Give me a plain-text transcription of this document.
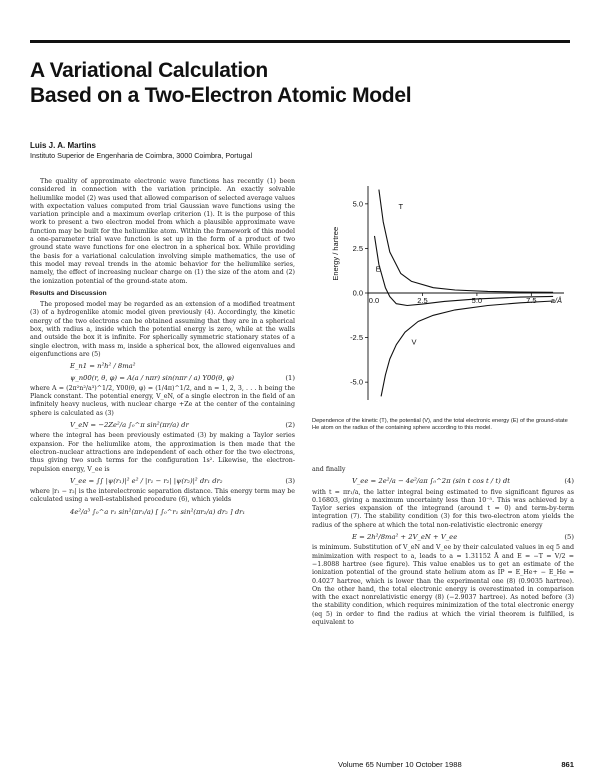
A Variational Calculation
Based on a Two-Electron Atomic Model
Luis J. A. Martins
Instituto Superior de Engenharia de Coimbra, 3000 Coimbra, Portugal

The quality of approximate electronic wave functions has recently (1) been considered in connection with the variation principle. An exactly solvable heliumlike model (2) was used that allowed comparison of selected average values with expectation values computed from trial Gaussian wave functions using the variation principle and a maximum overlap criterion (1). It is the purpose of this work to present a two electron model from which a plausible approximate wave function may be built for the heliumlike atom. Within the framework of this model a one-parameter trial wave function is set up in the form of a product of two ground state wave functions for one electron in a spherical box. While providing the basis for a variational calculation involving simple mathematics, the use of this model may reveal trends in the atomic behavior for the heliumlike series, namely, the effect of increasing nuclear charge on (1) the size of the atom and (2) the ionization potential of the ground-state atom.

Results and Discussion

The proposed model may be regarded as an extension of a modified treatment (3) of a hydrogenlike atomic model given previously (4). Accordingly, the kinetic energy of the two electrons can be obtained assuming that they are in a spherical box, with radius a, inside which the potential energy is zero, while at the walls and outside the box it is infinite. For spherically symmetric stationary states of a single electron, with mass m, inside a spherical box, the allowed eigenvalues and eigenfunctions are (5)

E_n1 = n²h² / 8ma²
ψ_n00(r, θ, φ) = A(a / nπr) sin(nπr / a) Y00(θ, φ)	(1)

where A = (2π²n²/a³)^1/2, Y00(θ, φ) = (1/4π)^1/2, and n = 1, 2, 3, . . . h being the Planck constant. The potential energy, V_eN, of a single electron in the field of an infinitely heavy nucleus, with nuclear charge +Ze at the center of the containing sphere is calculated as (3)

V_eN = −2Ze²/a ∫₀^π sin²(πr/a) dr	(2)

where the integral has been previously estimated (3) by making a Taylor series expansion. For the heliumlike atom, the approximation is then made that the electron–nuclear attractions are independent of each other for the two electrons, thus giving two such terms for the configuration 1s². Likewise, the electron-repulsion energy, V_ee is

V_ee = ∫∫ |ψ(r₁)|² e² / |r₁ − r₂| |ψ(r₂)|² dr₁ dr₂	(3)

where |r₁ − r₂| is the interelectronic separation distance. This energy term may be calculated using a well-established procedure (6), which yields

4e²/a³ ∫₀^a r₁ sin²(πr₁/a) [ ∫₀^r₁ sin²(πr₂/a) dr₂ ] dr₁
5.0
2.5
0.0
-2.5
-5.0
0.0	2.5	5.0	7.5 a/Å
Energy / hartree
T
E
V
Dependence of the kinetic (T), the potential (V), and the total electronic energy (E) of the ground-state He atom on the radius of the containing sphere according to this model.

and finally

V_ee = 2e²/a − 4e²/aπ ∫₀^2π (sin t cos t / t) dt	(4)

with t = πr₁/a, the latter integral being estimated to five significant figures as 0.16803, giving a maximum uncertainty less than 10⁻⁵. This was achieved by a Taylor series expansion of the integrand (around t = 0) and term-by-term integration (7). The stability condition (3) for this two-electron atom yields the radius of the sphere at which the total non-relativistic electronic energy

E = 2h²/8ma² + 2V_eN + V_ee	(5)

is minimum. Substitution of V_eN and V_ee by their calculated values in eq 5 and minimization with respect to a, leads to a = 1.31152 Å and E = −T = V/2 = −1.8088 hartree (see figure). This value enables us to get an estimate of the ionization potential of the ground state helium atom as IP = E_He+ − E_He = 0.4027 hartree, which is lower than the experimental one (8) (0.9035 hartree). On the other hand, the total electronic energy is overestimated in comparison with the exact nonrelativistic energy (8) (−2.9037 hartree). As noted before (3) the stability condition, which requires minimization of the total electronic energy (eq 5) in order to find the radius at which the virial theorem is fulfilled, is equivalent to

Volume 65 Number 10 October 1988	861
